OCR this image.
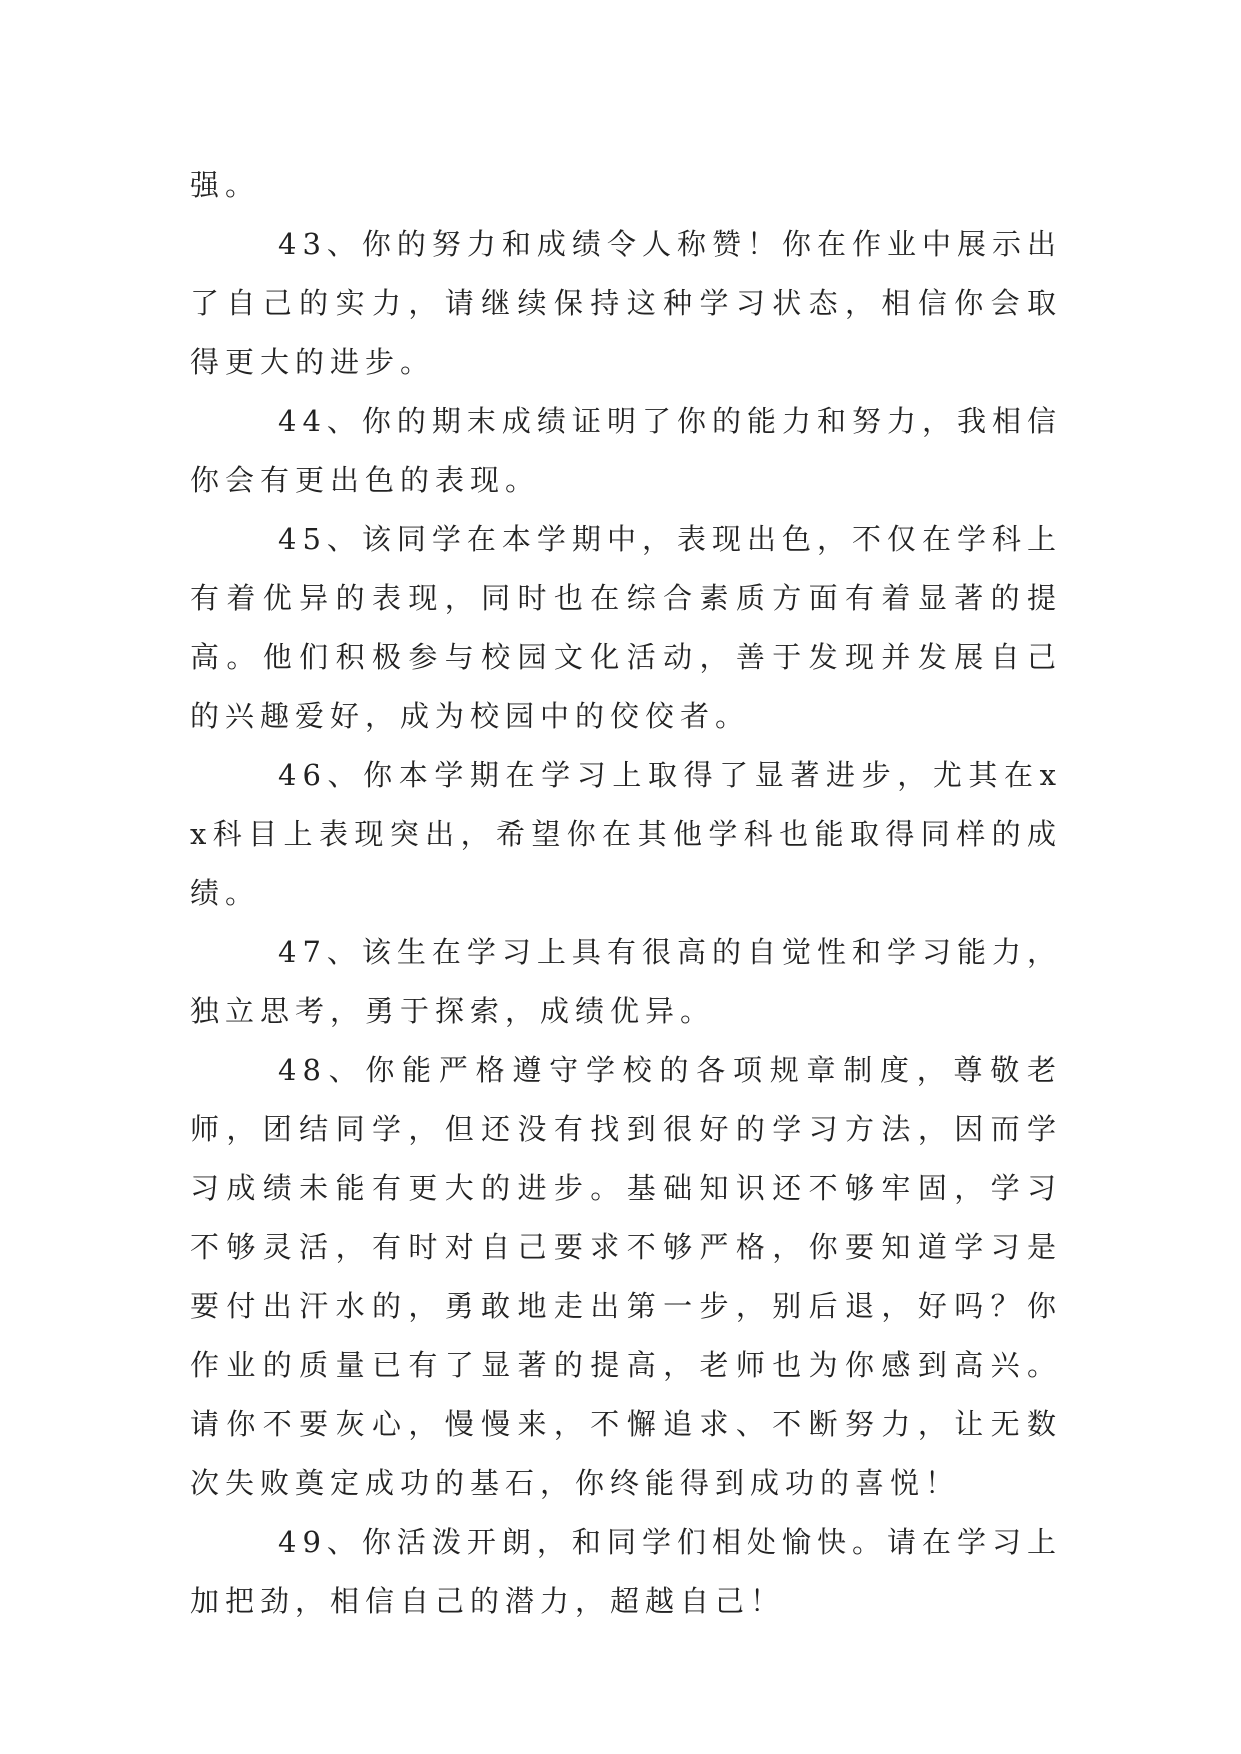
强。

43、你的努力和成绩令人称赞！你在作业中展示出了自己的实力，请继续保持这种学习状态，相信你会取得更大的进步。

44、你的期末成绩证明了你的能力和努力，我相信你会有更出色的表现。

45、该同学在本学期中，表现出色，不仅在学科上有着优异的表现，同时也在综合素质方面有着显著的提高。他们积极参与校园文化活动，善于发现并发展自己的兴趣爱好，成为校园中的佼佼者。

46、你本学期在学习上取得了显著进步，尤其在xx科目上表现突出，希望你在其他学科也能取得同样的成绩。

47、该生在学习上具有很高的自觉性和学习能力，独立思考，勇于探索，成绩优异。

48、你能严格遵守学校的各项规章制度，尊敬老师，团结同学，但还没有找到很好的学习方法，因而学习成绩未能有更大的进步。基础知识还不够牢固，学习不够灵活，有时对自己要求不够严格，你要知道学习是要付出汗水的，勇敢地走出第一步，别后退，好吗？你作业的质量已有了显著的提高，老师也为你感到高兴。请你不要灰心，慢慢来，不懈追求、不断努力，让无数次失败奠定成功的基石，你终能得到成功的喜悦！

49、你活泼开朗，和同学们相处愉快。请在学习上加把劲，相信自己的潜力，超越自己！
